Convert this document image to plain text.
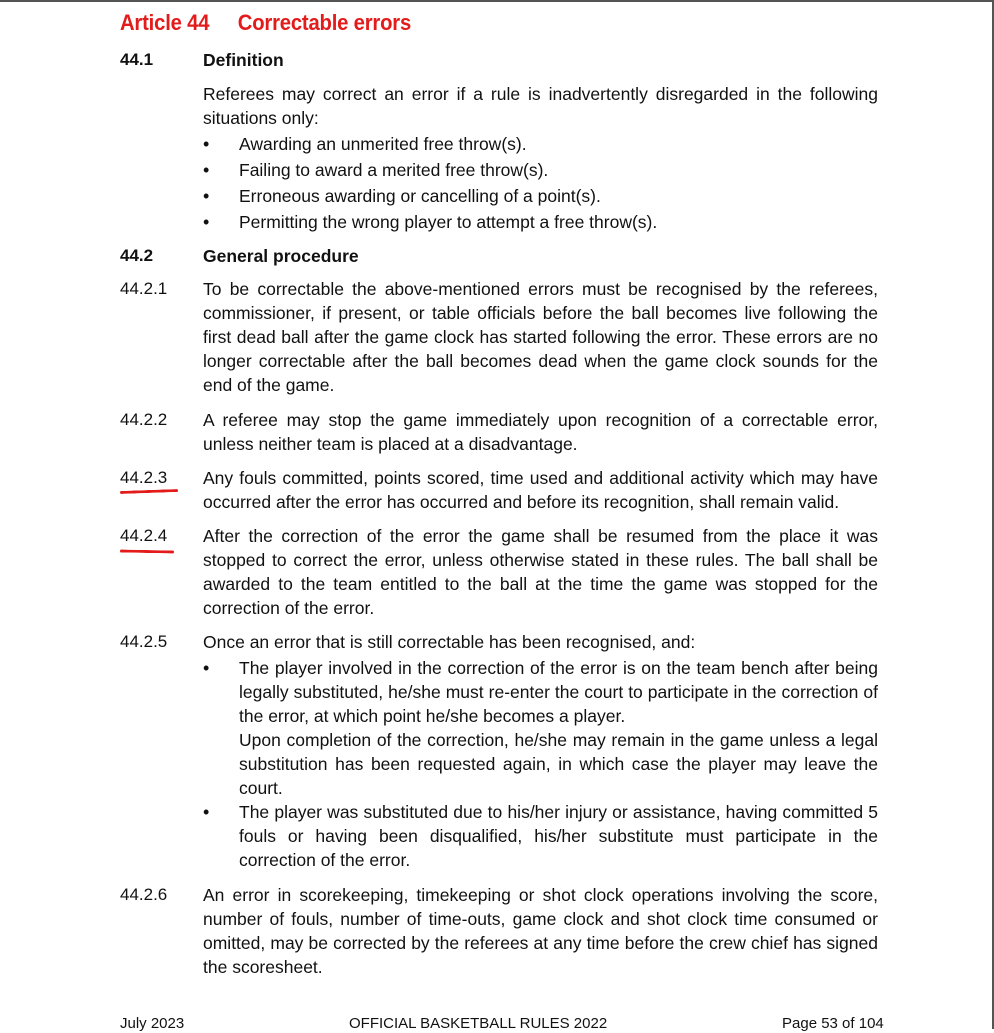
Article 44 Correctable errors
44.1	Definition
Referees may correct an error if a rule is inadvertently disregarded in the following situations only:
• Awarding an unmerited free throw(s).
• Failing to award a merited free throw(s).
• Erroneous awarding or cancelling of a point(s).
• Permitting the wrong player to attempt a free throw(s).
44.2	General procedure
44.2.1 To be correctable the above-mentioned errors must be recognised by the referees, commissioner, if present, or table officials before the ball becomes live following the first dead ball after the game clock has started following the error. These errors are no longer correctable after the ball becomes dead when the game clock sounds for the end of the game.
44.2.2 A referee may stop the game immediately upon recognition of a correctable error, unless neither team is placed at a disadvantage.
44.2.3 Any fouls committed, points scored, time used and additional activity which may have occurred after the error has occurred and before its recognition, shall remain valid.
44.2.4 After the correction of the error the game shall be resumed from the place it was stopped to correct the error, unless otherwise stated in these rules. The ball shall be awarded to the team entitled to the ball at the time the game was stopped for the correction of the error.
44.2.5 Once an error that is still correctable has been recognised, and:
• The player involved in the correction of the error is on the team bench after being legally substituted, he/she must re-enter the court to participate in the correction of the error, at which point he/she becomes a player.
Upon completion of the correction, he/she may remain in the game unless a legal substitution has been requested again, in which case the player may leave the court.
• The player was substituted due to his/her injury or assistance, having committed 5 fouls or having been disqualified, his/her substitute must participate in the correction of the error.
44.2.6 An error in scorekeeping, timekeeping or shot clock operations involving the score, number of fouls, number of time-outs, game clock and shot clock time consumed or omitted, may be corrected by the referees at any time before the crew chief has signed the scoresheet.
July 2023	OFFICIAL BASKETBALL RULES 2022	Page 53 of 104
